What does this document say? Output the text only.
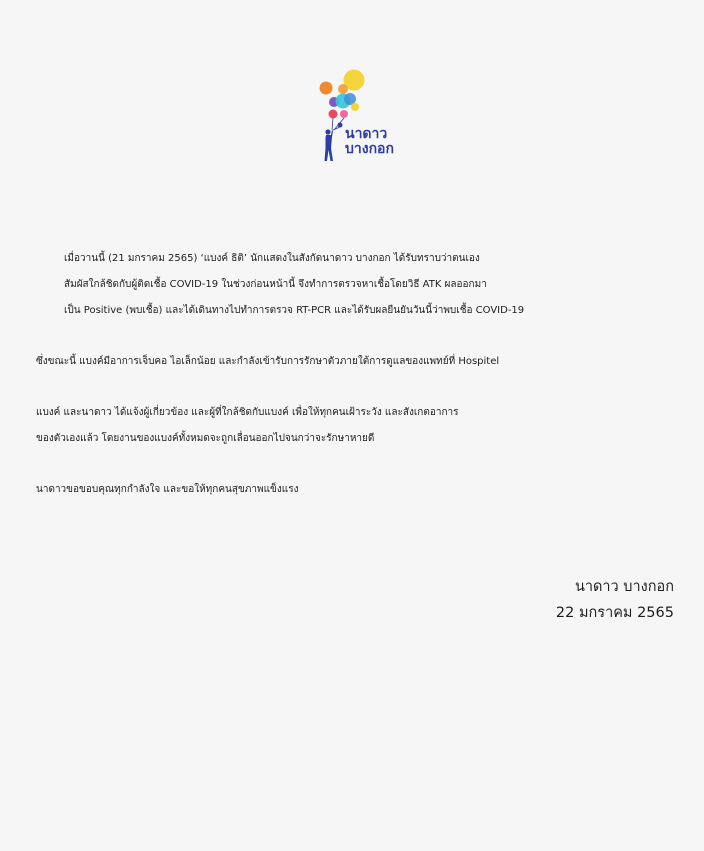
นาดาว
บางกอก

เมื่อวานนี้ (21 มกราคม 2565) ‘แบงค์ ธิติ’ นักแสดงในสังกัดนาดาว บางกอก ได้รับทราบว่าตนเอง
สัมผัสใกล้ชิดกับผู้ติดเชื้อ COVID-19 ในช่วงก่อนหน้านี้ จึงทำการตรวจหาเชื้อโดยวิธี ATK ผลออกมา
เป็น Positive (พบเชื้อ) และได้เดินทางไปทำการตรวจ RT-PCR และได้รับผลยืนยันวันนี้ว่าพบเชื้อ COVID-19

ซึ่งขณะนี้ แบงค์มีอาการเจ็บคอ ไอเล็กน้อย และกำลังเข้ารับการรักษาตัวภายใต้การดูแลของแพทย์ที่ Hospitel

แบงค์ และนาดาว ได้แจ้งผู้เกี่ยวข้อง และผู้ที่ใกล้ชิดกับแบงค์ เพื่อให้ทุกคนเฝ้าระวัง และสังเกตอาการ
ของตัวเองแล้ว โดยงานของแบงค์ทั้งหมดจะถูกเลื่อนออกไปจนกว่าจะรักษาหายดี

นาดาวขอขอบคุณทุกกำลังใจ และขอให้ทุกคนสุขภาพแข็งแรง

นาดาว บางกอก
22 มกราคม 2565
